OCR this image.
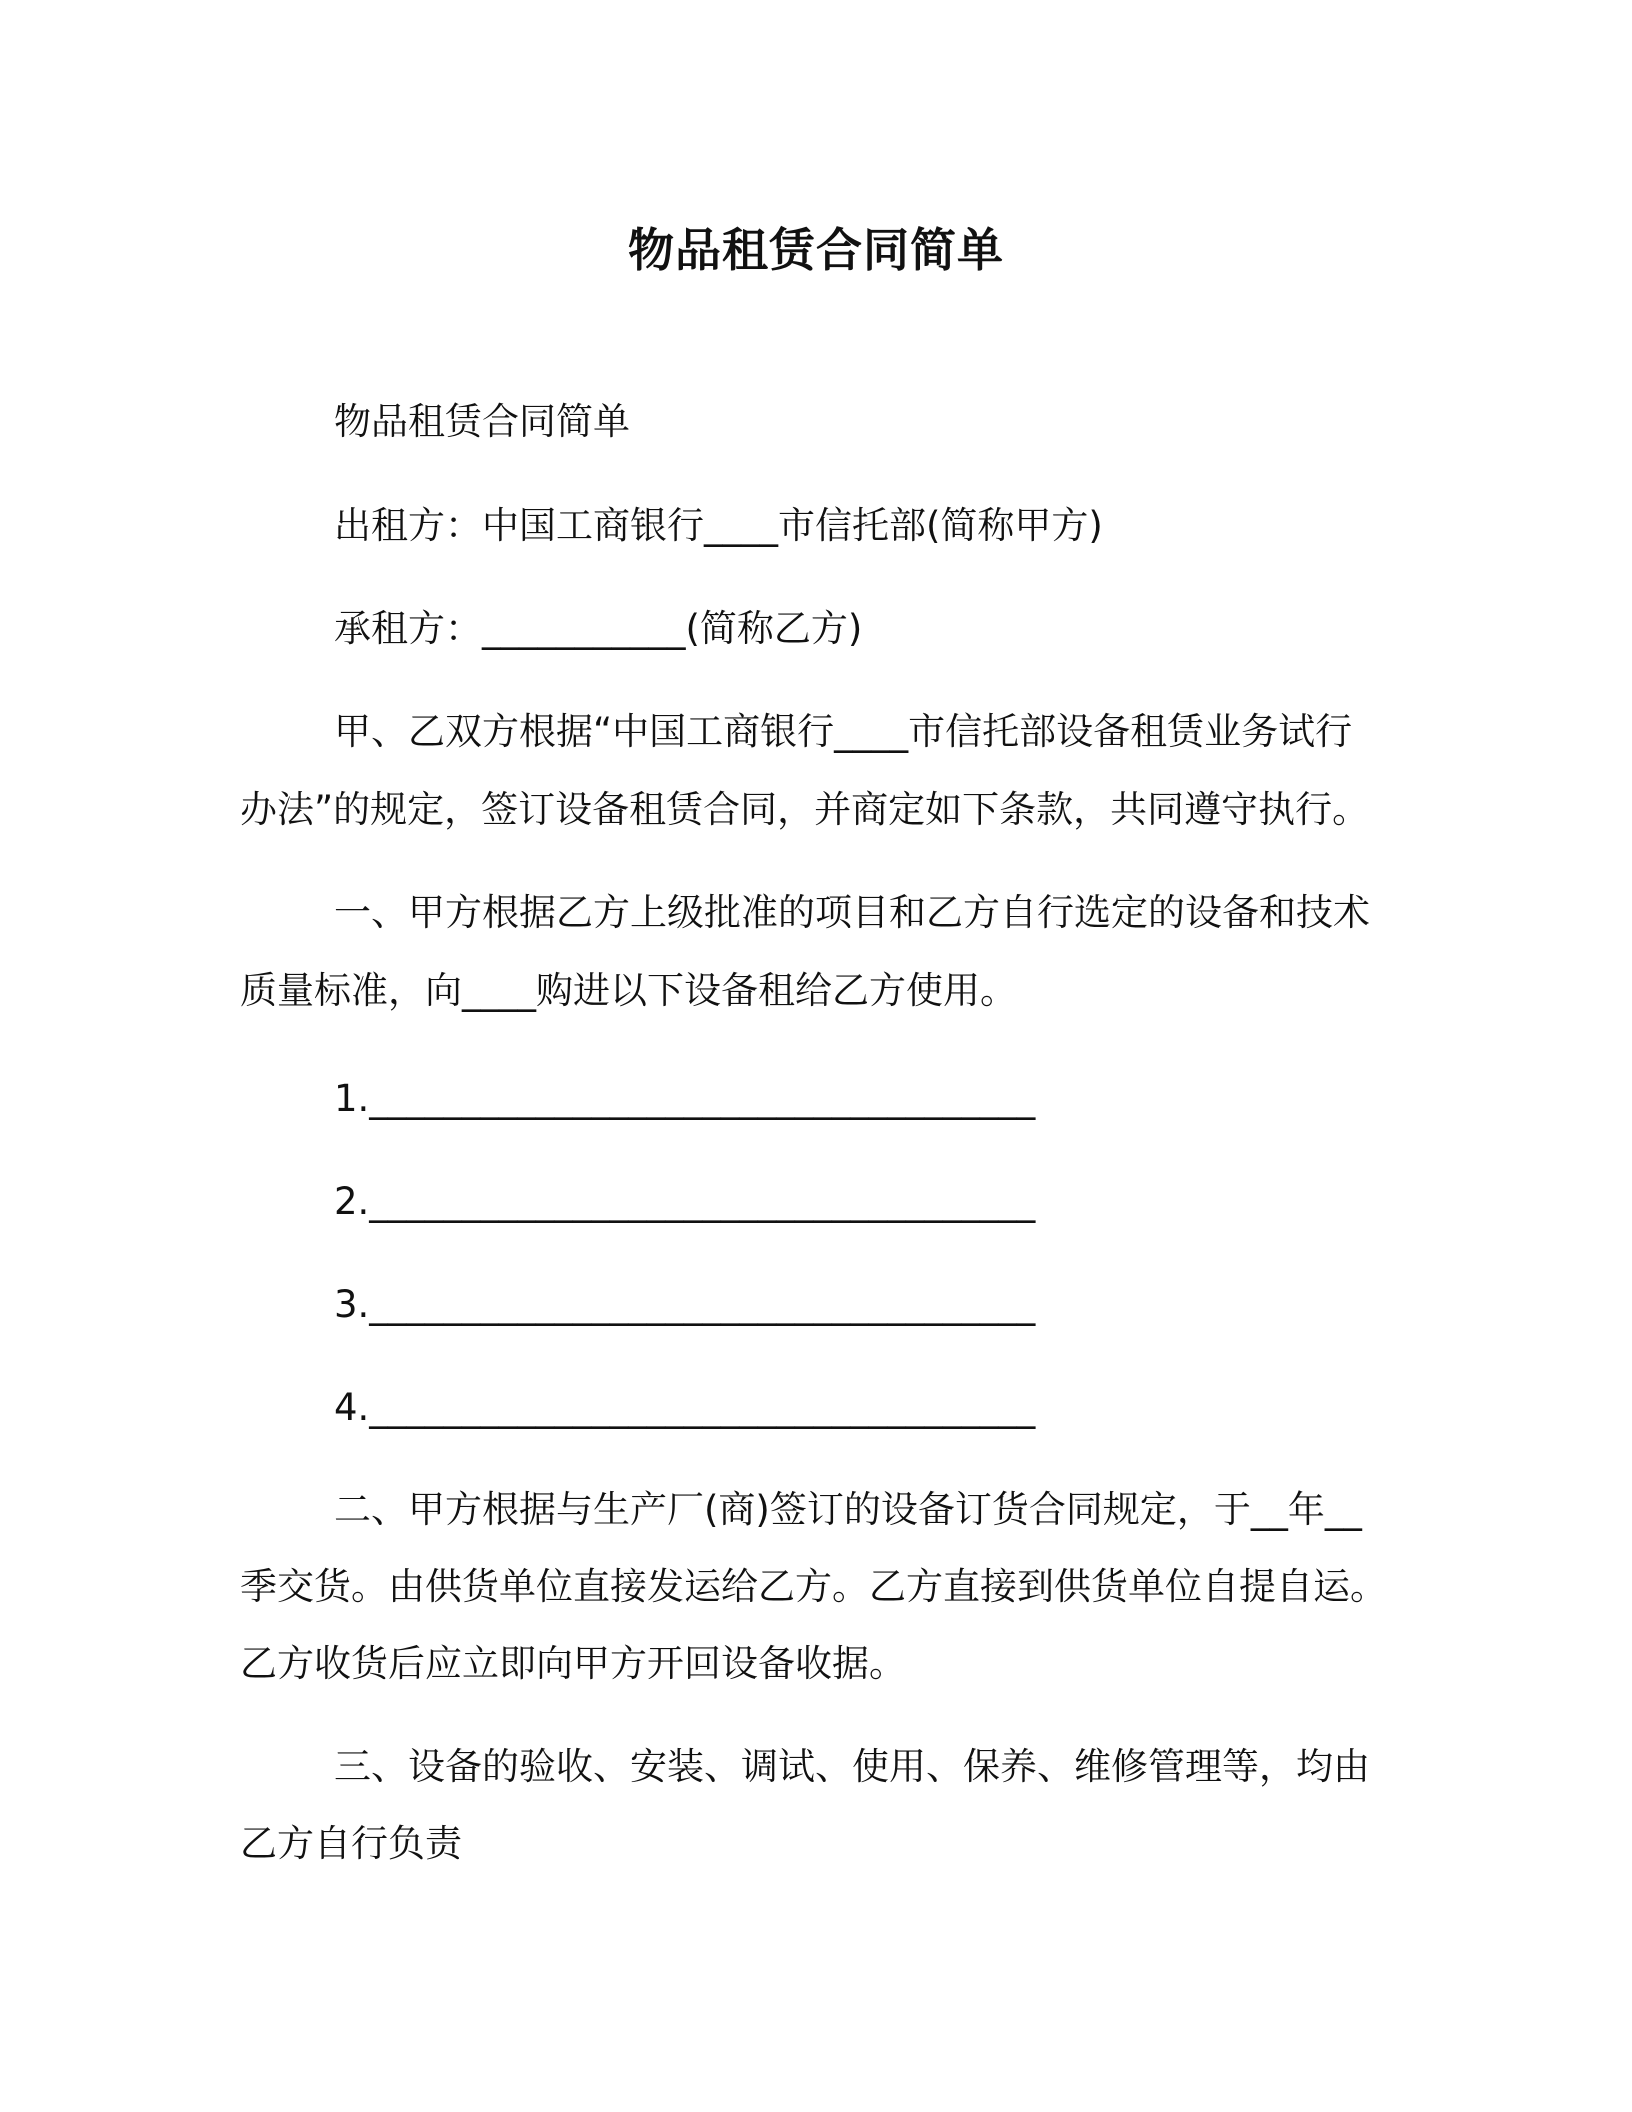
物品租赁合同简单
物品租赁合同简单
出租方：中国工商银行____市信托部(简称甲方)
承租方：___________(简称乙方)
甲、乙双方根据“中国工商银行____市信托部设备租赁业务试行
办法”的规定，签订设备租赁合同，并商定如下条款，共同遵守执行。
一、甲方根据乙方上级批准的项目和乙方自行选定的设备和技术
质量标准，向____购进以下设备租给乙方使用。
1.____________________________________
2.____________________________________
3.____________________________________
4.____________________________________
二、甲方根据与生产厂(商)签订的设备订货合同规定，于__年__
季交货。由供货单位直接发运给乙方。乙方直接到供货单位自提自运。
乙方收货后应立即向甲方开回设备收据。
三、设备的验收、安装、调试、使用、保养、维修管理等，均由
乙方自行负责
